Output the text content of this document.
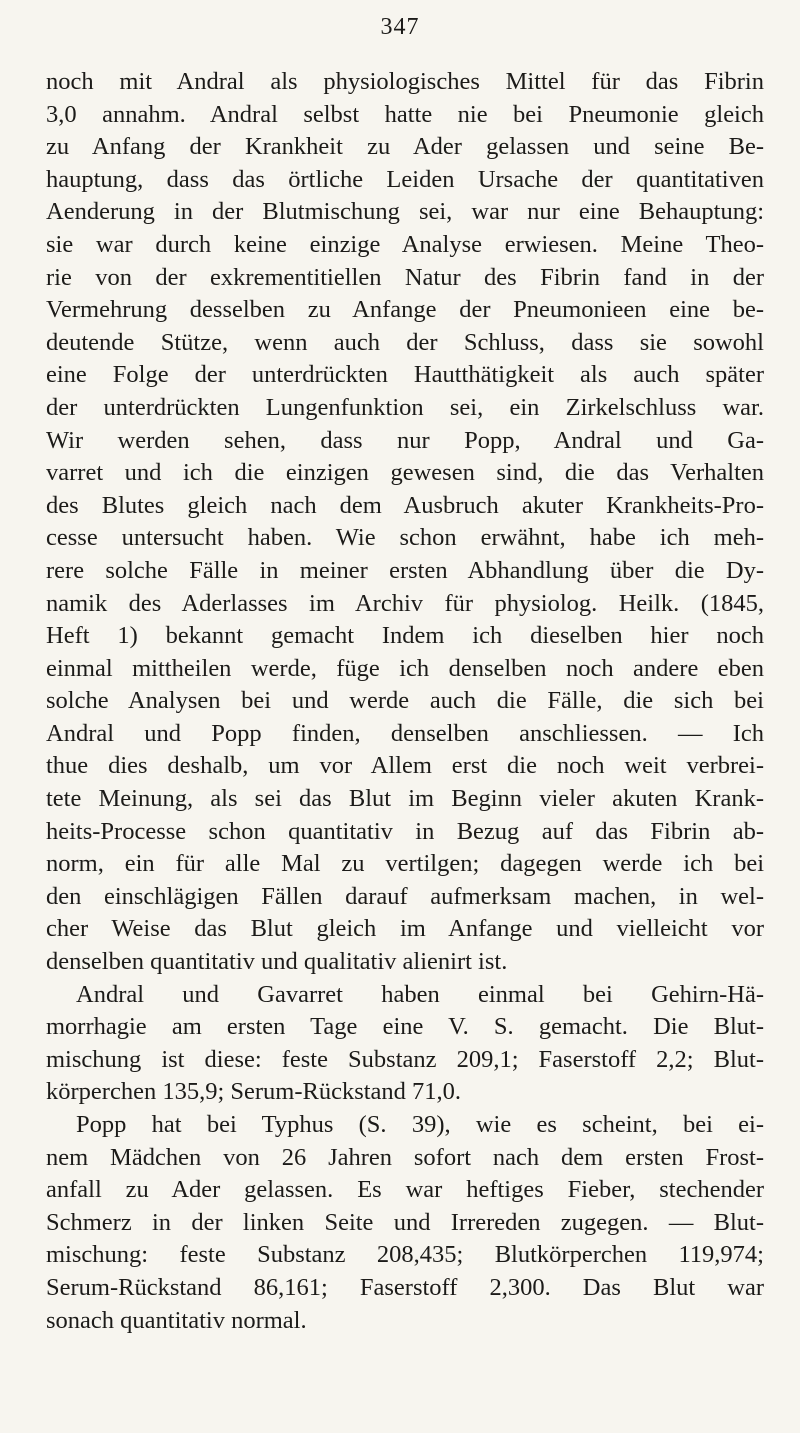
347
noch mit Andral als physiologisches Mittel für das Fibrin
3,0 annahm. Andral selbst hatte nie bei Pneumonie gleich
zu Anfang der Krankheit zu Ader gelassen und seine Be-
hauptung, dass das örtliche Leiden Ursache der quantitativen
Aenderung in der Blutmischung sei, war nur eine Behauptung:
sie war durch keine einzige Analyse erwiesen. Meine Theo-
rie von der exkrementitiellen Natur des Fibrin fand in der
Vermehrung desselben zu Anfange der Pneumonieen eine be-
deutende Stütze, wenn auch der Schluss, dass sie sowohl
eine Folge der unterdrückten Hautthätigkeit als auch später
der unterdrückten Lungenfunktion sei, ein Zirkelschluss war.
Wir werden sehen, dass nur Popp, Andral und Ga-
varret und ich die einzigen gewesen sind, die das Verhalten
des Blutes gleich nach dem Ausbruch akuter Krankheits-Pro-
cesse untersucht haben. Wie schon erwähnt, habe ich meh-
rere solche Fälle in meiner ersten Abhandlung über die Dy-
namik des Aderlasses im Archiv für physiolog. Heilk. (1845,
Heft 1) bekannt gemacht Indem ich dieselben hier noch
einmal mittheilen werde, füge ich denselben noch andere eben
solche Analysen bei und werde auch die Fälle, die sich bei
Andral und Popp finden, denselben anschliessen. — Ich
thue dies deshalb, um vor Allem erst die noch weit verbrei-
tete Meinung, als sei das Blut im Beginn vieler akuten Krank-
heits-Processe schon quantitativ in Bezug auf das Fibrin ab-
norm, ein für alle Mal zu vertilgen; dagegen werde ich bei
den einschlägigen Fällen darauf aufmerksam machen, in wel-
cher Weise das Blut gleich im Anfange und vielleicht vor
denselben quantitativ und qualitativ alienirt ist.
Andral und Gavarret haben einmal bei Gehirn-Hä-
morrhagie am ersten Tage eine V. S. gemacht. Die Blut-
mischung ist diese: feste Substanz 209,1; Faserstoff 2,2; Blut-
körperchen 135,9; Serum-Rückstand 71,0.
Popp hat bei Typhus (S. 39), wie es scheint, bei ei-
nem Mädchen von 26 Jahren sofort nach dem ersten Frost-
anfall zu Ader gelassen. Es war heftiges Fieber, stechender
Schmerz in der linken Seite und Irrereden zugegen. — Blut-
mischung: feste Substanz 208,435; Blutkörperchen 119,974;
Serum-Rückstand 86,161; Faserstoff 2,300. Das Blut war
sonach quantitativ normal.
